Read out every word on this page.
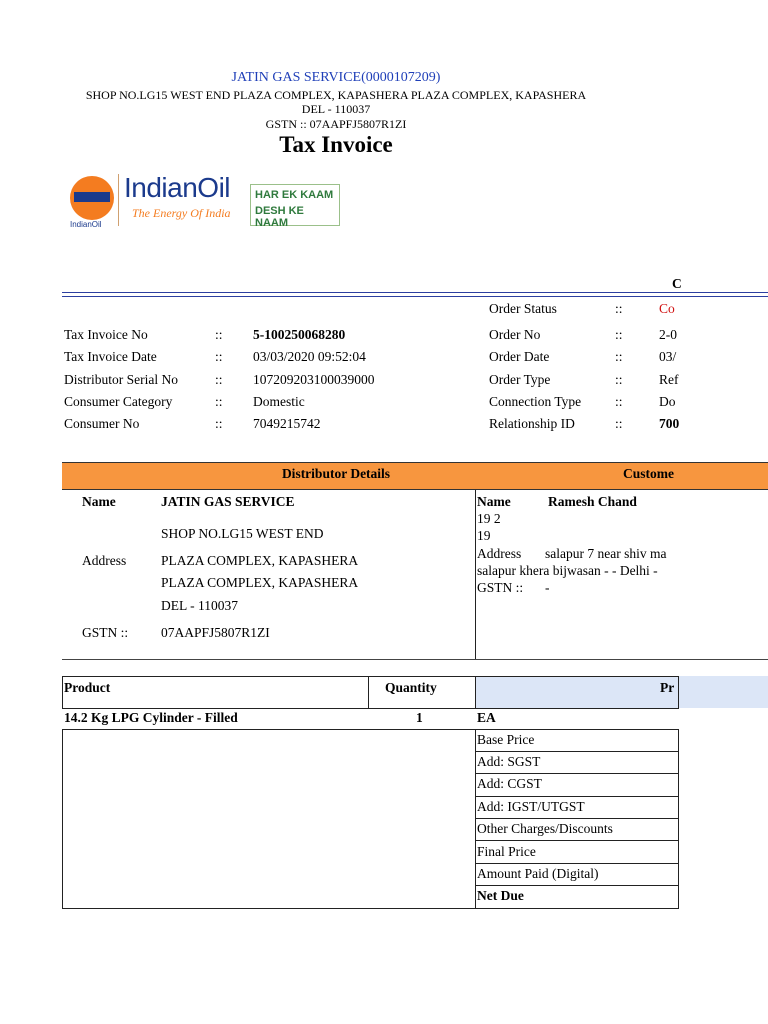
JATIN GAS SERVICE(0000107209)
SHOP NO.LG15 WEST END PLAZA COMPLEX, KAPASHERA PLAZA COMPLEX, KAPASHERA
DEL - 110037
GSTN :: 07AAPFJ5807R1ZI
Tax Invoice
IndianOil
IndianOil
The Energy Of India
HAR EK KAAM
DESH KE NAAM
C
Order Status	::	Co
Order No	::	2-0
Order Date	::	03/
Order Type	::	Ref
Connection Type	::	Do
Relationship ID	::	700
Tax Invoice No	:: 5-100250068280
Tax Invoice Date	:: 03/03/2020 09:52:04
Distributor Serial No	:: 107209203100039000
Consumer Category	:: Domestic
Consumer No	:: 7049215742
Distributor Details	Custome
Name	JATIN GAS SERVICE
SHOP NO.LG15 WEST END
Address	PLAZA COMPLEX, KAPASHERA
PLAZA COMPLEX, KAPASHERA
DEL - 110037
GSTN :: 07AAPFJ5807R1ZI
Name	Ramesh Chand
19 2
19
Address salapur 7 near shiv ma
salapur khera bijwasan - - Delhi -
GSTN :: -
Product	Quantity	Pr
14.2 Kg LPG Cylinder - Filled	1	EA
Base Price
Add: SGST
Add: CGST
Add: IGST/UTGST
Other Charges/Discounts
Final Price
Amount Paid (Digital)
Net Due
